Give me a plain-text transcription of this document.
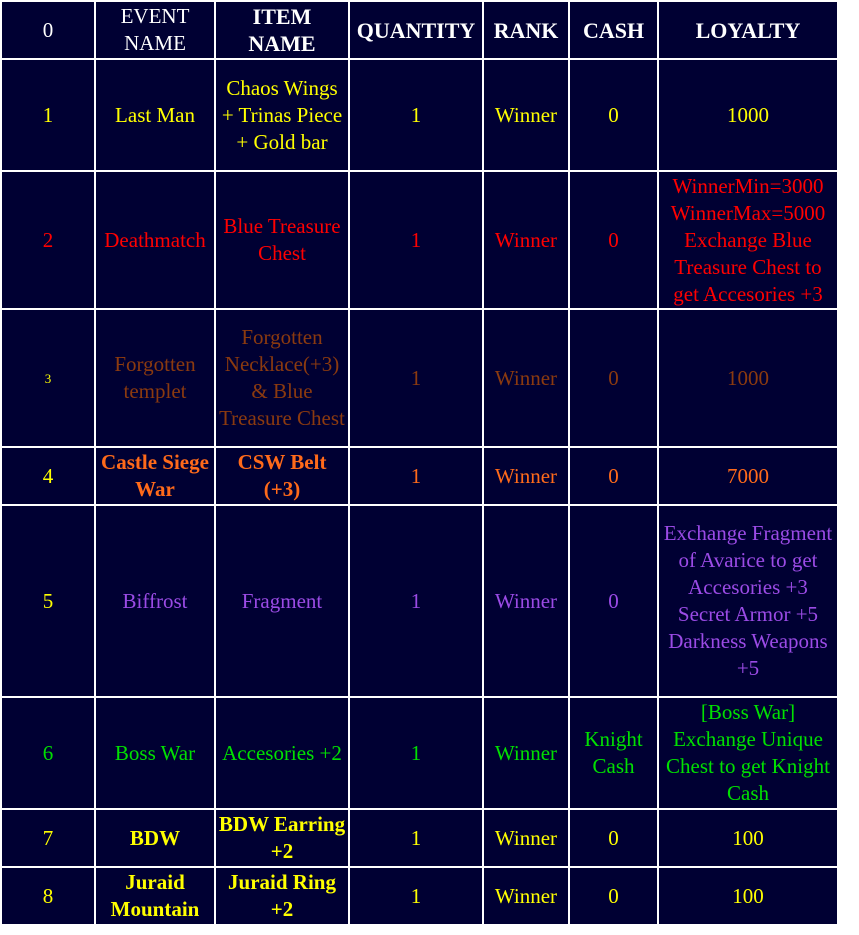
0	EVENT NAME	ITEM NAME	QUANTITY	RANK	CASH	LOYALTY
1	Last Man	Chaos Wings + Trinas Piece + Gold bar	1	Winner	0	1000
2	Deathmatch	Blue Treasure Chest	1	Winner	0	WinnerMin=3000 WinnerMax=5000 Exchange Blue Treasure Chest to get Accesories +3
3	Forgotten templet	Forgotten Necklace(+3) & Blue Treasure Chest	1	Winner	0	1000
4	Castle Siege War	CSW Belt (+3)	1	Winner	0	7000
5	Biffrost	Fragment	1	Winner	0	Exchange Fragment of Avarice to get Accesories +3 Secret Armor +5 Darkness Weapons +5
6	Boss War	Accesories +2	1	Winner	Knight Cash	[Boss War] Exchange Unique Chest to get Knight Cash
7	BDW	BDW Earring +2	1	Winner	0	100
8	Juraid Mountain	Juraid Ring +2	1	Winner	0	100
